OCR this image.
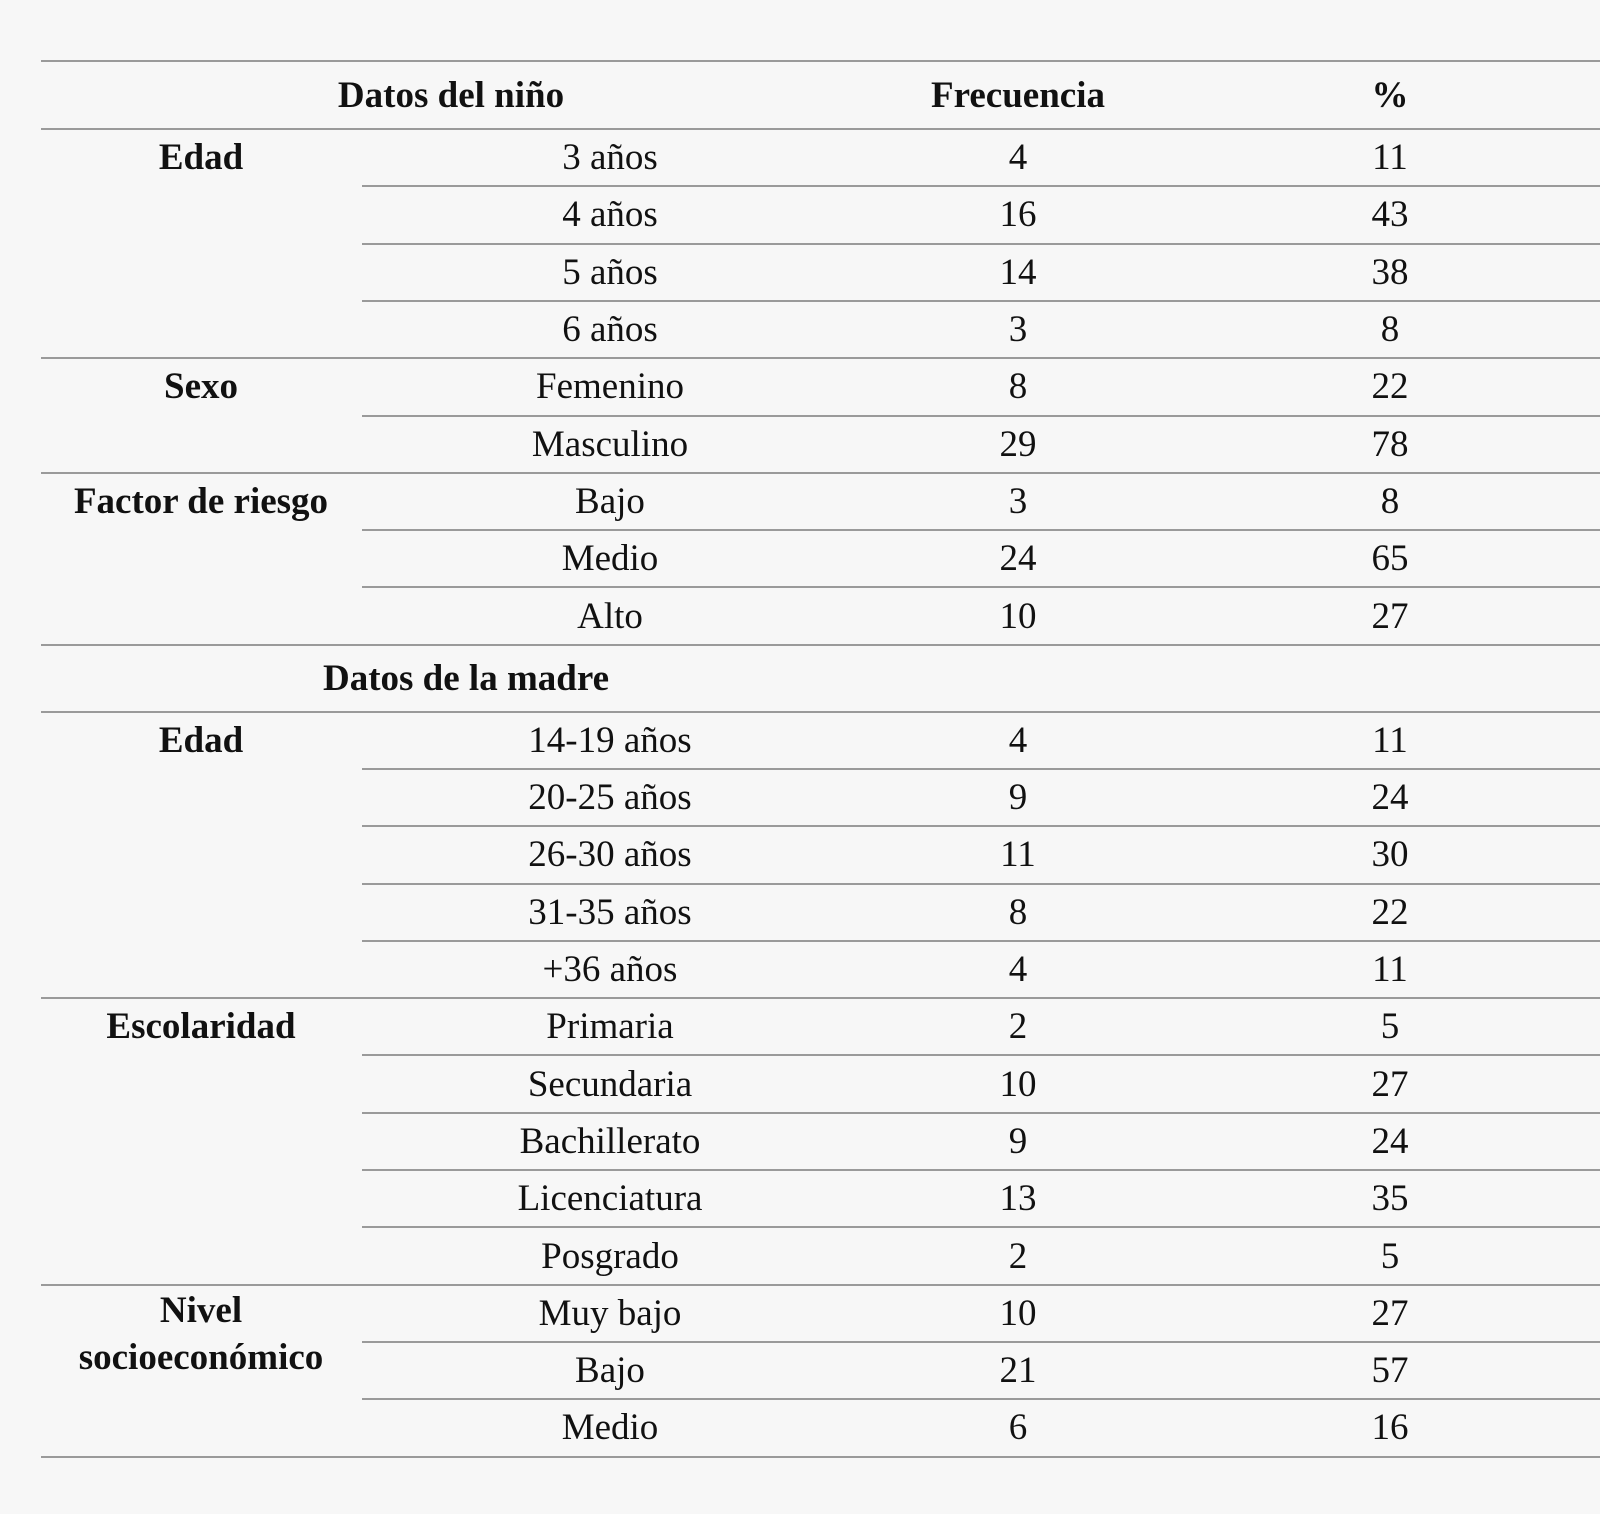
Datos del niño	Frecuencia	%
Edad	3 años	4	11
4 años	16	43
5 años	14	38
6 años	3	8
Sexo	Femenino	8	22
Masculino	29	78
Factor de riesgo	Bajo	3	8
Medio	24	65
Alto	10	27
Datos de la madre
Edad	14-19 años	4	11
20-25 años	9	24
26-30 años	11	30
31-35 años	8	22
+36 años	4	11
Escolaridad	Primaria	2	5
Secundaria	10	27
Bachillerato	9	24
Licenciatura	13	35
Posgrado	2	5
Nivel socioeconómico
Muy bajo	10	27
Bajo	21	57
Medio	6	16
